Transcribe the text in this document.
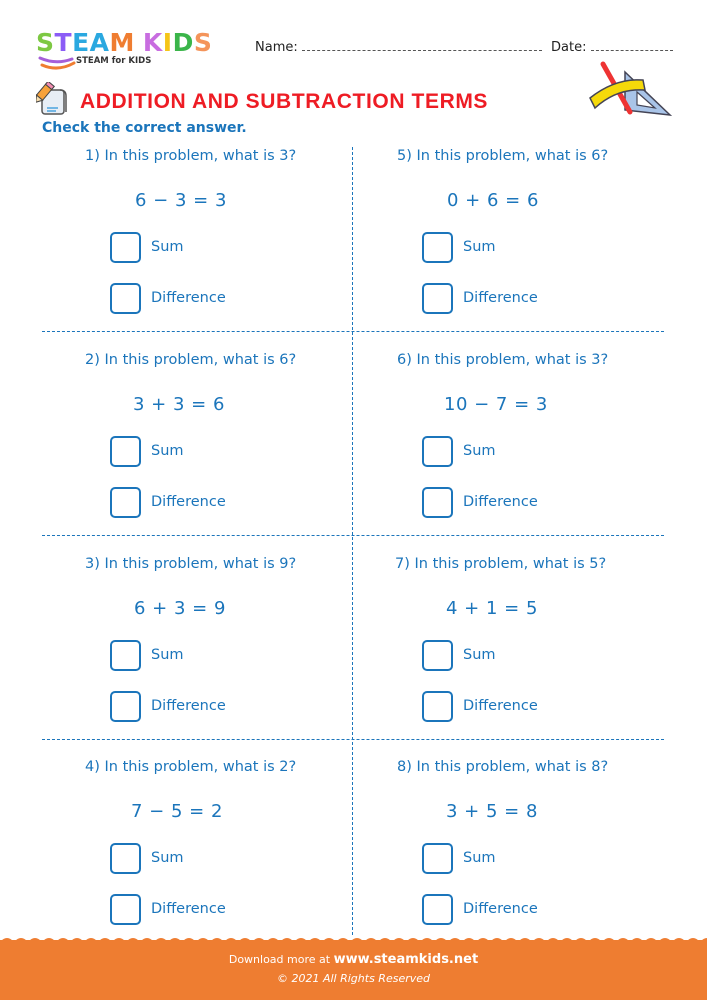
STEAM KIDS
STEAM for KIDS
Name:	Date:
ADDITION AND SUBTRACTION TERMS
Check the correct answer.
1) In this problem, what is 3?
6 − 3 = 3
Sum
Difference
2) In this problem, what is 6?
3 + 3 = 6
Sum
Difference
3) In this problem, what is 9?
6 + 3 = 9
Sum
Difference
4) In this problem, what is 2?
7 − 5 = 2
Sum
Difference
5) In this problem, what is 6?
0 + 6 = 6
Sum
Difference
6) In this problem, what is 3?
10 − 7 = 3
Sum
Difference
7) In this problem, what is 5?
4 + 1 = 5
Sum
Difference
8) In this problem, what is 8?
3 + 5 = 8
Sum
Difference
Download more at www.steamkids.net
© 2021 All Rights Reserved
